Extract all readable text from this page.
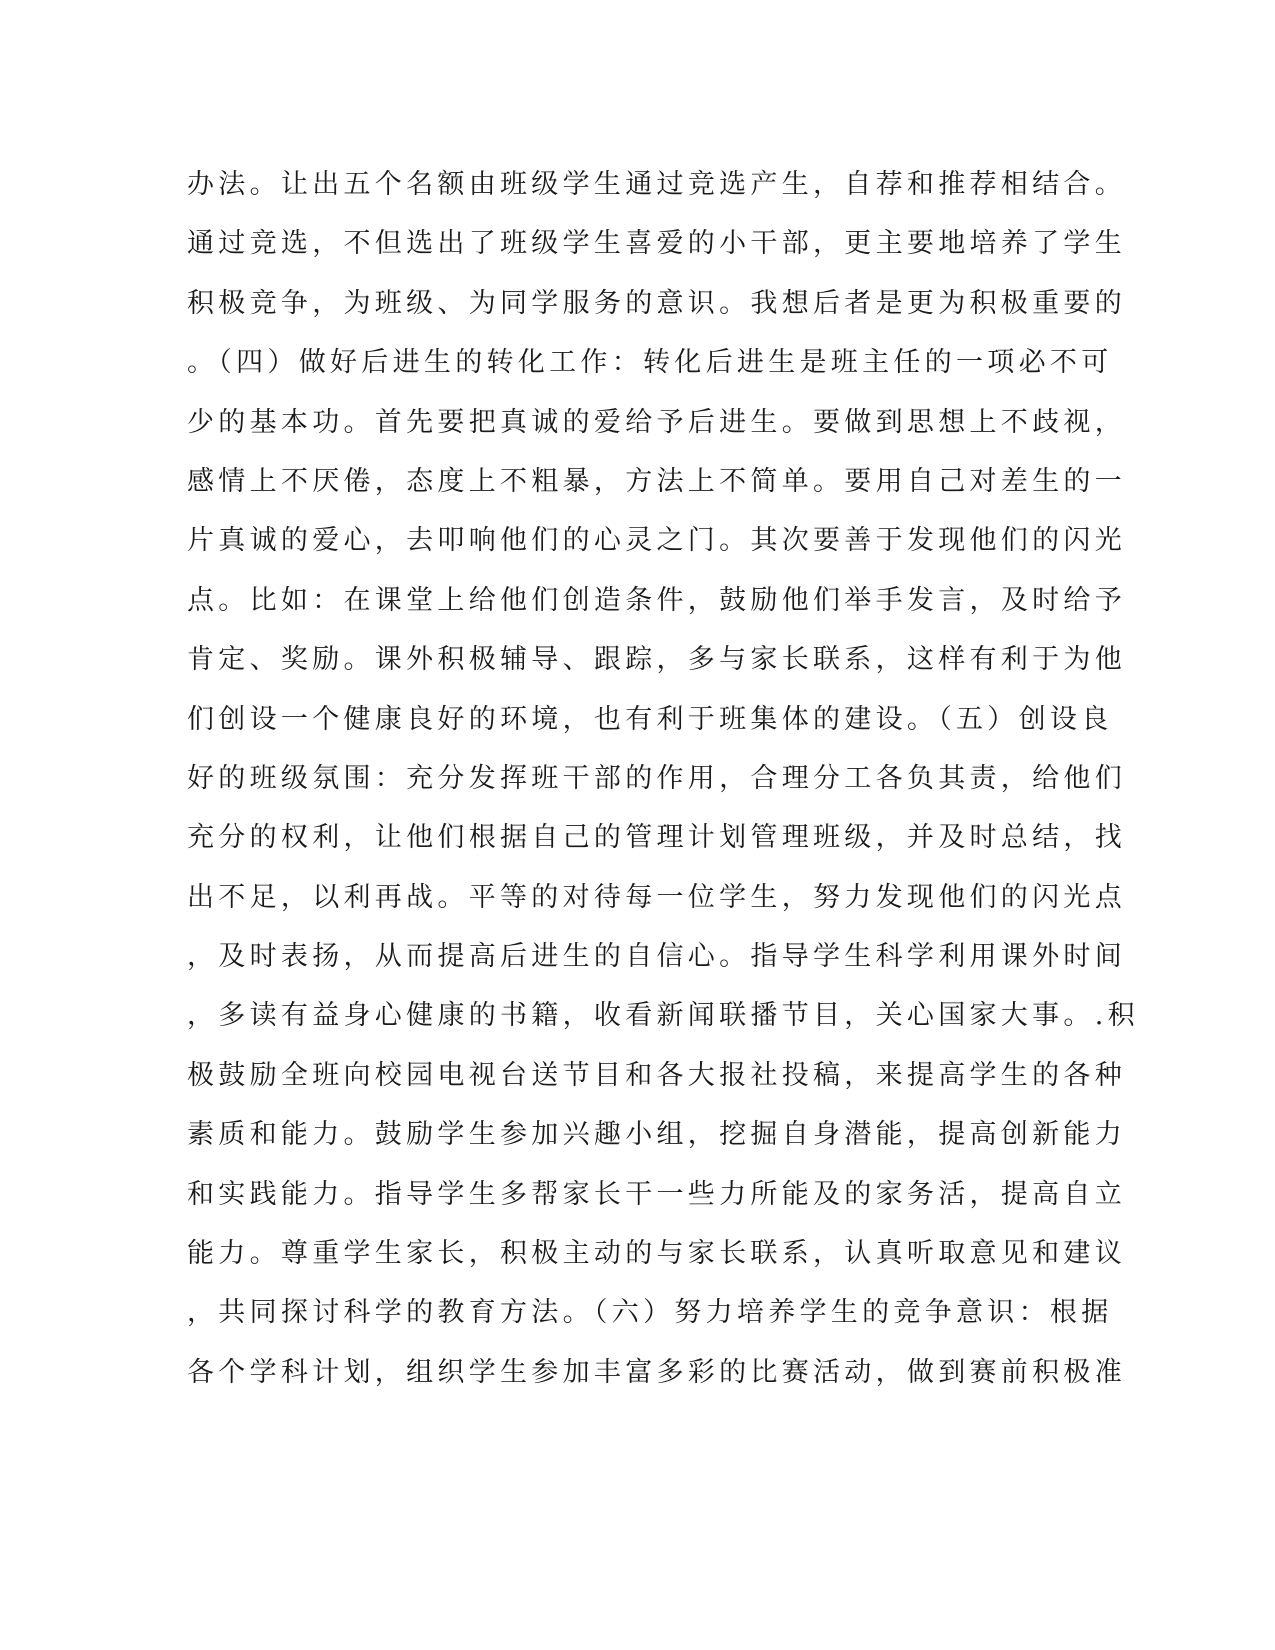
办法。让出五个名额由班级学生通过竞选产生，自荐和推荐相结合。
通过竞选，不但选出了班级学生喜爱的小干部，更主要地培养了学生
积极竞争，为班级、为同学服务的意识。我想后者是更为积极重要的
。（四）做好后进生的转化工作：转化后进生是班主任的一项必不可
少的基本功。首先要把真诚的爱给予后进生。要做到思想上不歧视，
感情上不厌倦，态度上不粗暴，方法上不简单。要用自己对差生的一
片真诚的爱心，去叩响他们的心灵之门。其次要善于发现他们的闪光
点。比如：在课堂上给他们创造条件，鼓励他们举手发言，及时给予
肯定、奖励。课外积极辅导、跟踪，多与家长联系，这样有利于为他
们创设一个健康良好的环境，也有利于班集体的建设。（五）创设良
好的班级氛围：充分发挥班干部的作用，合理分工各负其责，给他们
充分的权利，让他们根据自己的管理计划管理班级，并及时总结，找
出不足，以利再战。平等的对待每一位学生，努力发现他们的闪光点
，及时表扬，从而提高后进生的自信心。指导学生科学利用课外时间
，多读有益身心健康的书籍，收看新闻联播节目，关心国家大事。.积
极鼓励全班向校园电视台送节目和各大报社投稿，来提高学生的各种
素质和能力。鼓励学生参加兴趣小组，挖掘自身潜能，提高创新能力
和实践能力。指导学生多帮家长干一些力所能及的家务活，提高自立
能力。尊重学生家长，积极主动的与家长联系，认真听取意见和建议
，共同探讨科学的教育方法。（六）努力培养学生的竞争意识：根据
各个学科计划，组织学生参加丰富多彩的比赛活动，做到赛前积极准
